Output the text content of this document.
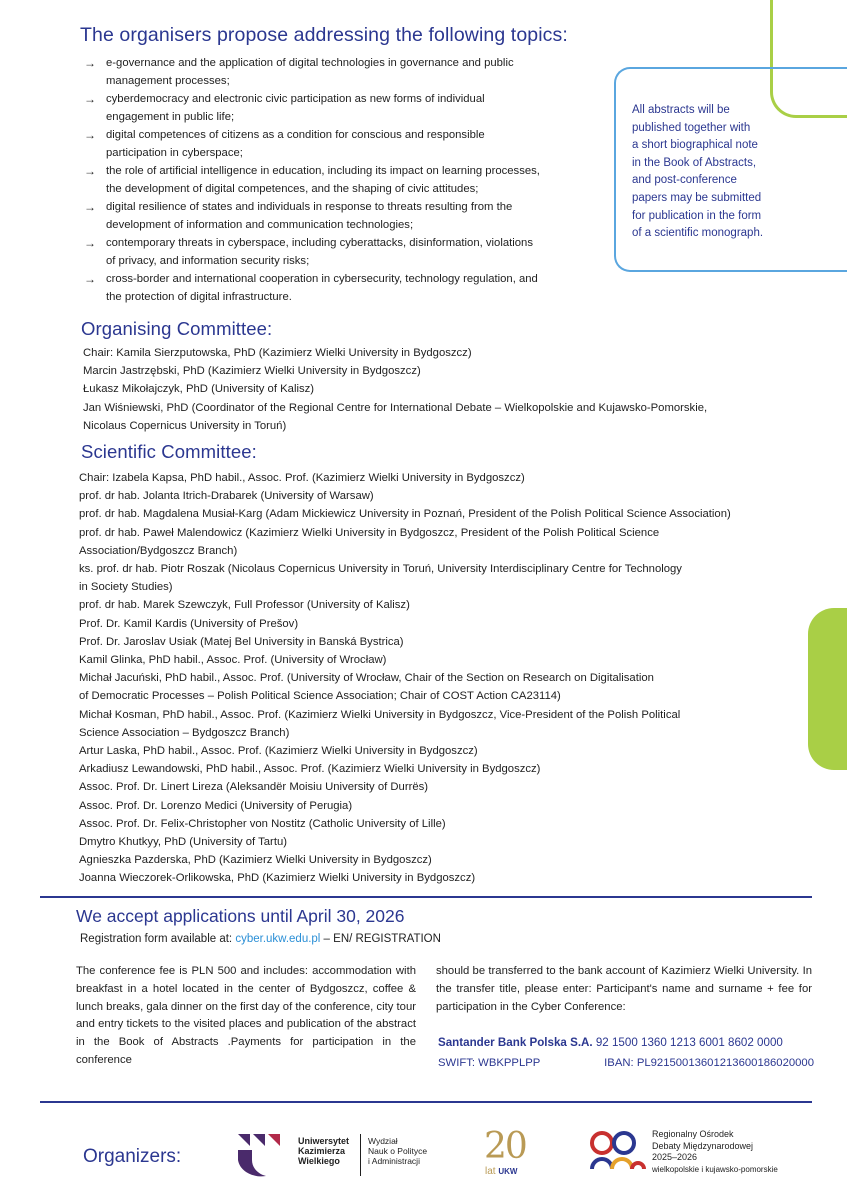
The organisers propose addressing the following topics:
→ e-governance and the application of digital technologies in governance and public
management processes;
→ cyberdemocracy and electronic civic participation as new forms of individual
engagement in public life;
→ digital competences of citizens as a condition for conscious and responsible
participation in cyberspace;
→ the role of artificial intelligence in education, including its impact on learning processes,
the development of digital competences, and the shaping of civic attitudes;
→ digital resilience of states and individuals in response to threats resulting from the
development of information and communication technologies;
→ contemporary threats in cyberspace, including cyberattacks, disinformation, violations
of privacy, and information security risks;
→ cross-border and international cooperation in cybersecurity, technology regulation, and
the protection of digital infrastructure.
All abstracts will be
published together with
a short biographical note
in the Book of Abstracts,
and post-conference
papers may be submitted
for publication in the form
of a scientific monograph.
Organising Committee:
Chair: Kamila Sierzputowska, PhD (Kazimierz Wielki University in Bydgoszcz)
Marcin Jastrzębski, PhD (Kazimierz Wielki University in Bydgoszcz)
Łukasz Mikołajczyk, PhD (University of Kalisz)
Jan Wiśniewski, PhD (Coordinator of the Regional Centre for International Debate – Wielkopolskie and Kujawsko-Pomorskie,
Nicolaus Copernicus University in Toruń)
Scientific Committee:
Chair: Izabela Kapsa, PhD habil., Assoc. Prof. (Kazimierz Wielki University in Bydgoszcz)
prof. dr hab. Jolanta Itrich-Drabarek (University of Warsaw)
prof. dr hab. Magdalena Musiał-Karg (Adam Mickiewicz University in Poznań, President of the Polish Political Science Association)
prof. dr hab. Paweł Malendowicz (Kazimierz Wielki University in Bydgoszcz, President of the Polish Political Science
Association/Bydgoszcz Branch)
ks. prof. dr hab. Piotr Roszak (Nicolaus Copernicus University in Toruń, University Interdisciplinary Centre for Technology
in Society Studies)
prof. dr hab. Marek Szewczyk, Full Professor (University of Kalisz)
Prof. Dr. Kamil Kardis (University of Prešov)
Prof. Dr. Jaroslav Usiak (Matej Bel University in Banská Bystrica)
Kamil Glinka, PhD habil., Assoc. Prof. (University of Wrocław)
Michał Jacuński, PhD habil., Assoc. Prof. (University of Wrocław, Chair of the Section on Research on Digitalisation
of Democratic Processes – Polish Political Science Association; Chair of COST Action CA23114)
Michał Kosman, PhD habil., Assoc. Prof. (Kazimierz Wielki University in Bydgoszcz, Vice-President of the Polish Political
Science Association – Bydgoszcz Branch)
Artur Laska, PhD habil., Assoc. Prof. (Kazimierz Wielki University in Bydgoszcz)
Arkadiusz Lewandowski, PhD habil., Assoc. Prof. (Kazimierz Wielki University in Bydgoszcz)
Assoc. Prof. Dr. Linert Lireza (Aleksandër Moisiu University of Durrës)
Assoc. Prof. Dr. Lorenzo Medici (University of Perugia)
Assoc. Prof. Dr. Felix-Christopher von Nostitz (Catholic University of Lille)
Dmytro Khutkyy, PhD (University of Tartu)
Agnieszka Pazderska, PhD (Kazimierz Wielki University in Bydgoszcz)
Joanna Wieczorek-Orlikowska, PhD (Kazimierz Wielki University in Bydgoszcz)
We accept applications until April 30, 2026
Registration form available at: cyber.ukw.edu.pl – EN/ REGISTRATION
The conference fee is PLN 500 and includes: accommodation with breakfast in a hotel located in the center of Bydgoszcz, coffee & lunch breaks, gala dinner on the first day of the conference, city tour and entry tickets to the visited places and publication of the abstract in the Book of Abstracts .Payments for participation in the conference
should be transferred to the bank account of Kazimierz Wielki University. In the transfer title, please enter: Participant's name and surname + fee for participation in the Cyber Conference:
Santander Bank Polska S.A. 92 1500 1360 1213 6001 8602 0000
SWIFT: WBKPPLPP	IBAN: PL92150013601213600186020000
Organizers:
Uniwersytet
Kazimierza
Wielkiego
Wydział
Nauk o Polityce
i Administracji 20
lat UKW
Regionalny Ośrodek
Debaty Międzynarodowej
2025–2026
wielkopolskie i kujawsko-pomorskie
